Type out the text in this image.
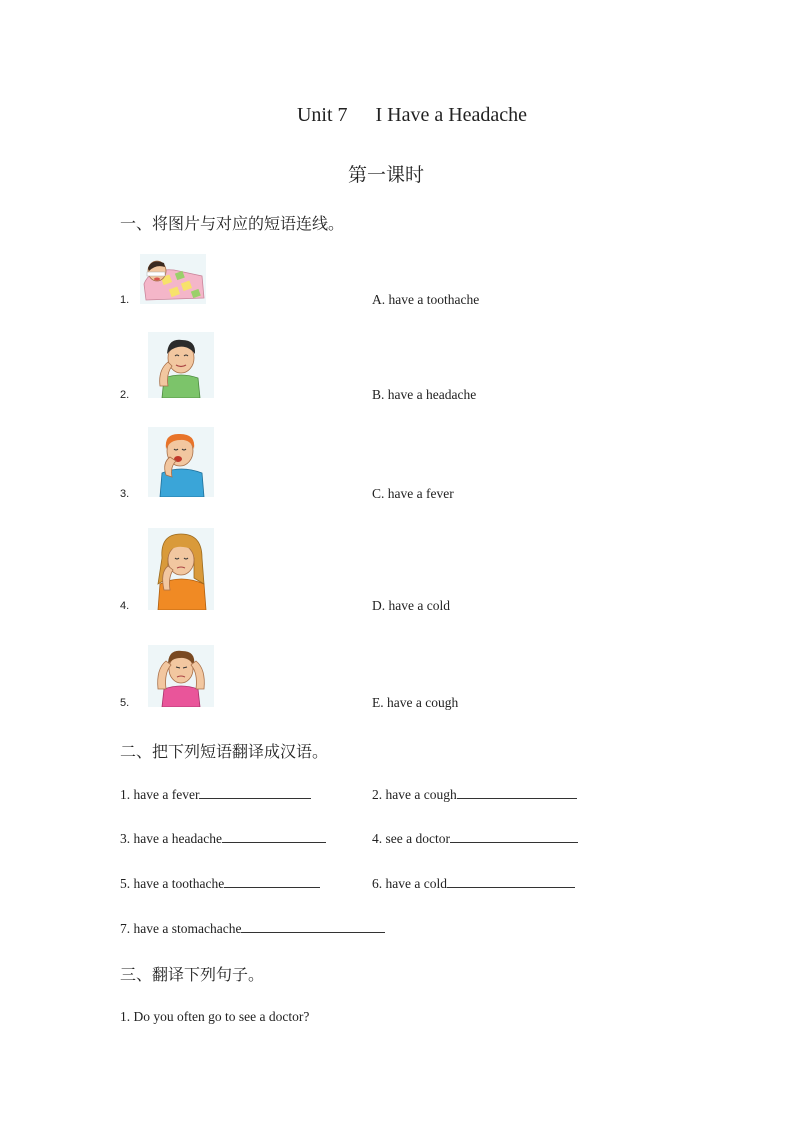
Unit 7 I Have a Headache
第一课时
一、将图片与对应的短语连线。
1.	A. have a toothache
2.	B. have a headache
3.	C. have a fever
4.	D. have a cold
5.	E. have a cough
二、把下列短语翻译成汉语。
1. have a fever	2. have a cough
3. have a headache	4. see a doctor
5. have a toothache	6. have a cold
7. have a stomachache
三、翻译下列句子。
1. Do you often go to see a doctor?
